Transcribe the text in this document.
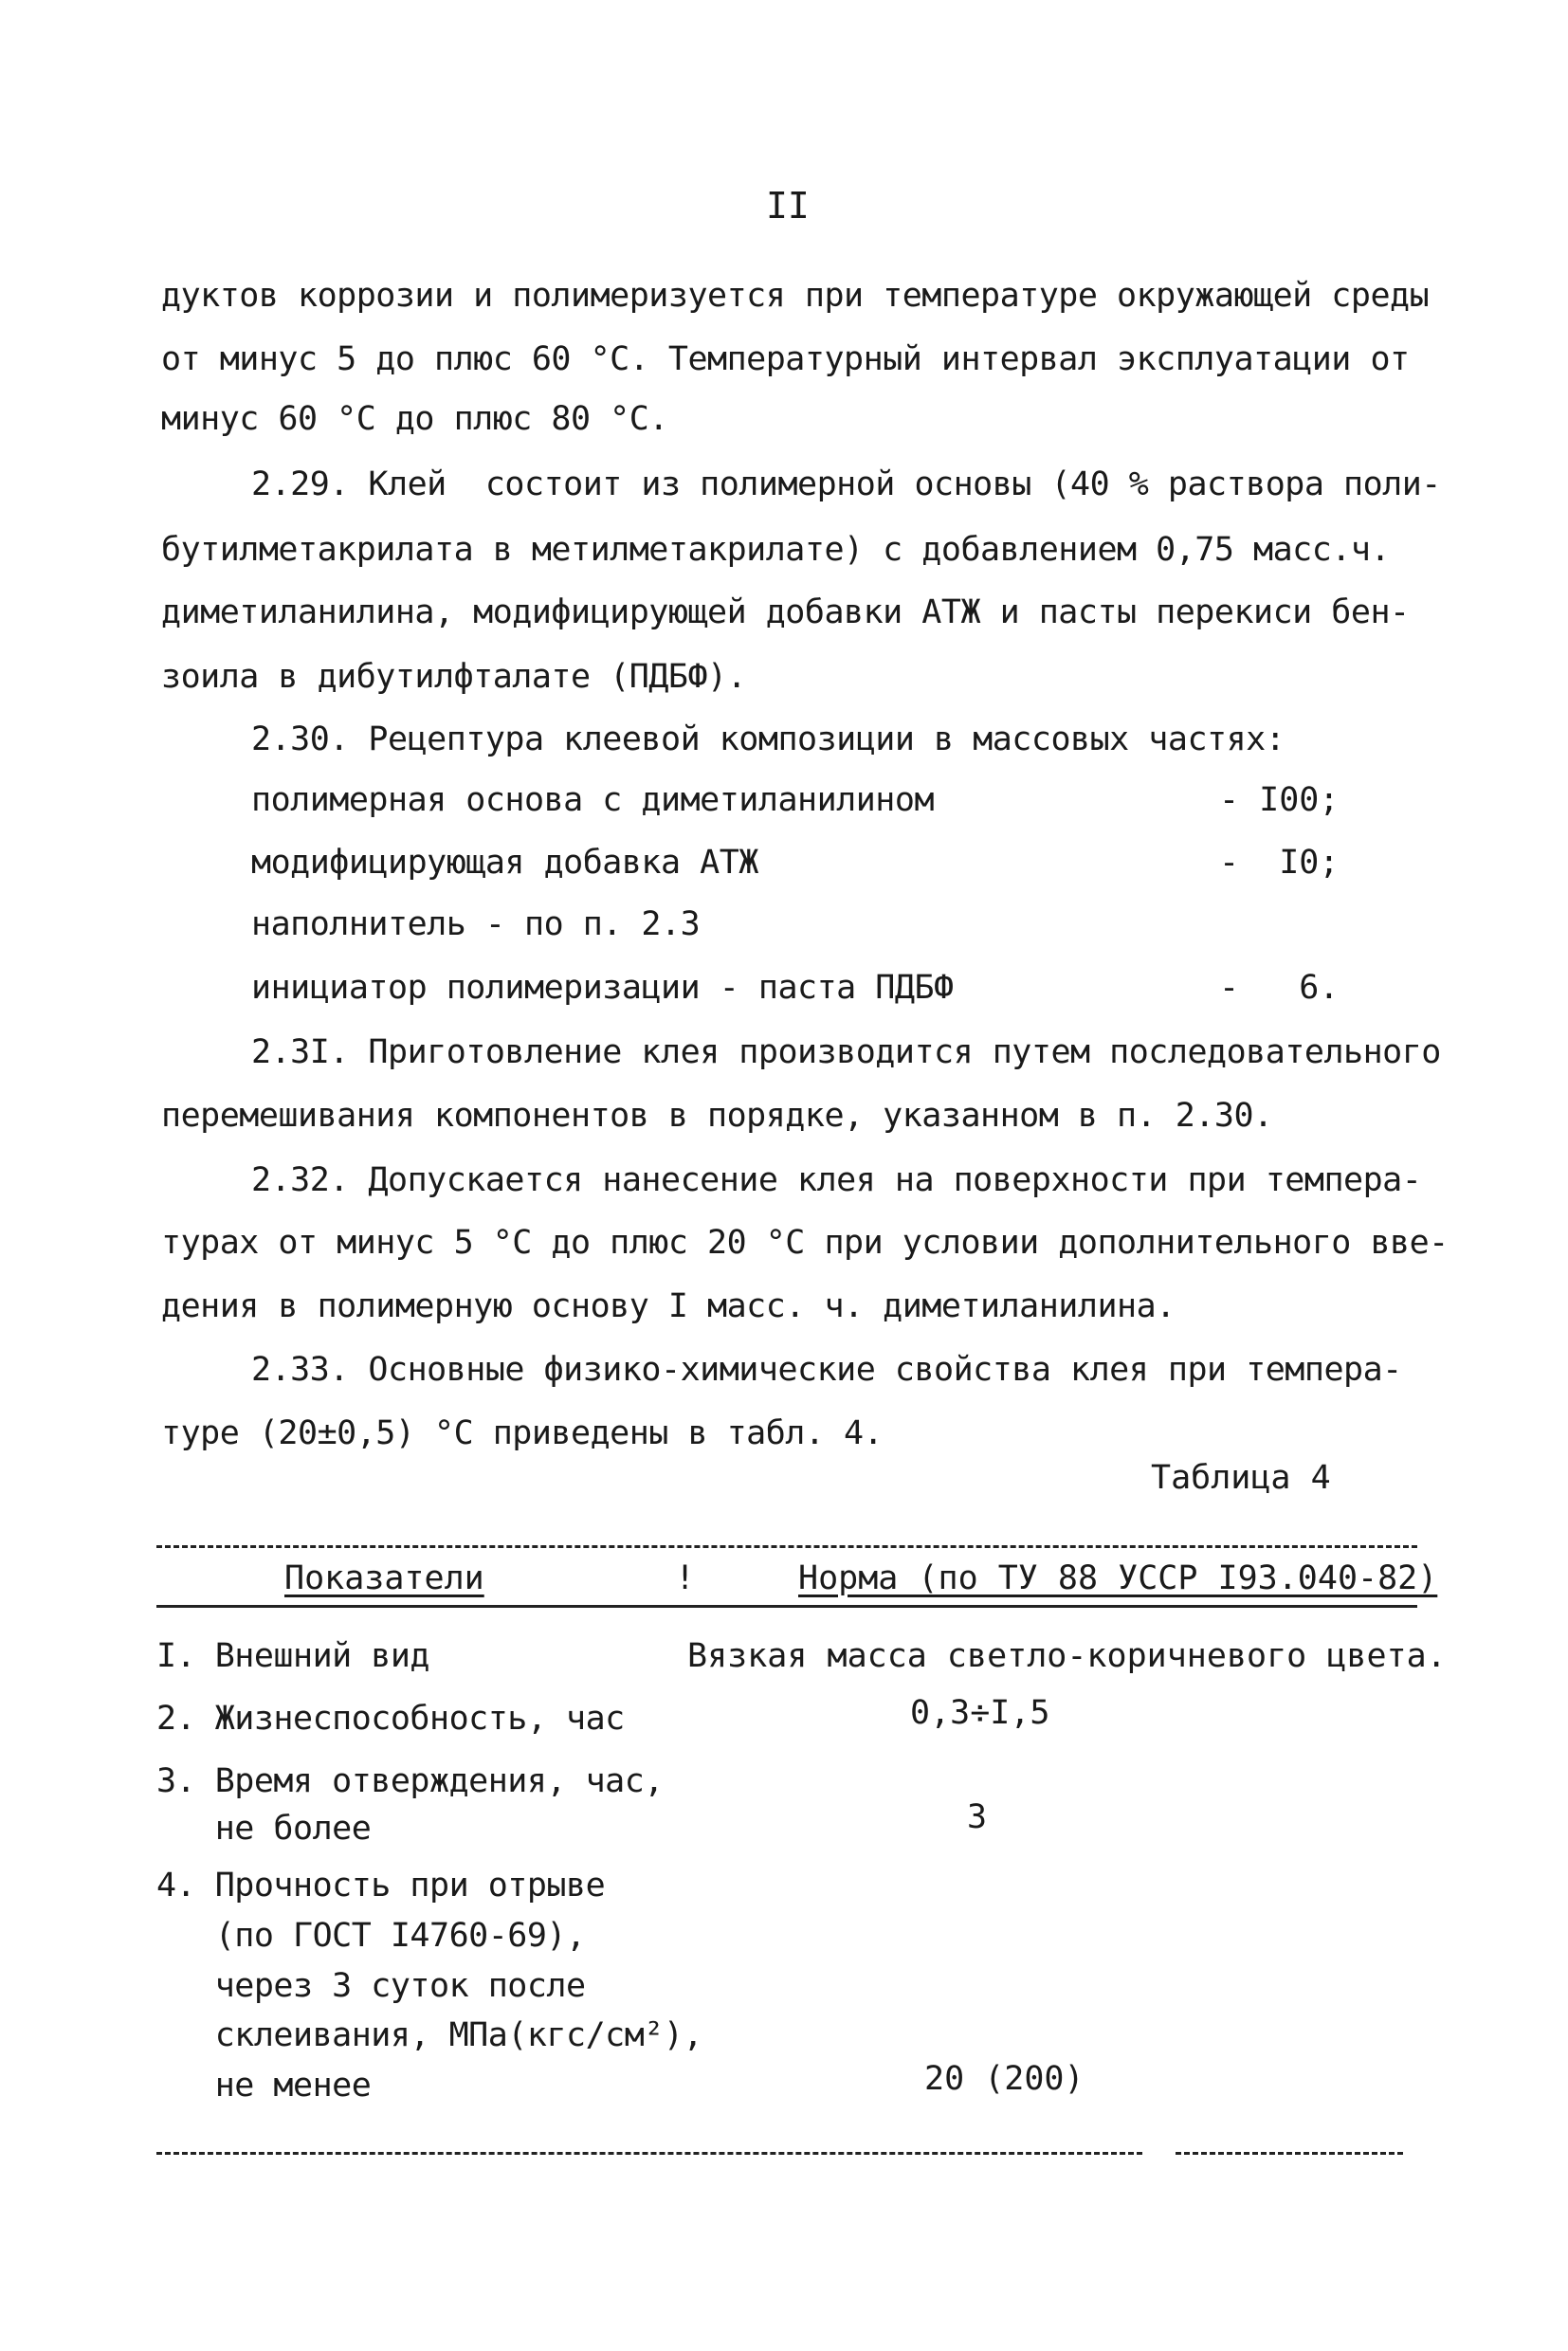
II
дуктов коррозии и полимеризуется при температуре окружающей среды
от минус 5 до плюс 60 °С. Температурный интервал эксплуатации от
минус 60 °С до плюс 80 °С.
2.29. Клей  состоит из полимерной основы (40 % раствора поли-
бутилметакрилата в метилметакрилате) с добавлением 0,75 масс.ч.
диметиланилина, модифицирующей добавки АТЖ и пасты перекиси бен-
зоила в дибутилфталате (ПДБФ).
2.30. Рецептура клеевой композиции в массовых частях:
полимерная основа с диметиланилином	- I00;
модифицирующая добавка АТЖ	-  I0;
наполнитель - по п. 2.3
инициатор полимеризации - паста ПДБФ	-   6.
2.3I. Приготовление клея производится путем последовательного
перемешивания компонентов в порядке, указанном в п. 2.30.
2.32. Допускается нанесение клея на поверхности при темпера-
турах от минус 5 °С до плюс 20 °С при условии дополнительного вве-
дения в полимерную основу I масс. ч. диметиланилина.
2.33. Основные физико-химические свойства клея при темпера-
туре (20±0,5) °С приведены в табл. 4.
Таблица 4
Показатели	!	Норма (по ТУ 88 УССР I93.040-82)
I. Внешний вид	Вязкая масса светло-коричневого цвета.
2. Жизнеспособность, час	0,3÷I,5
3. Время отверждения, час,
не более	3
4. Прочность при отрыве
(по ГОСТ I4760-69),
через 3 суток после
склеивания, МПа(кгс/см²),
не менее	20 (200)
